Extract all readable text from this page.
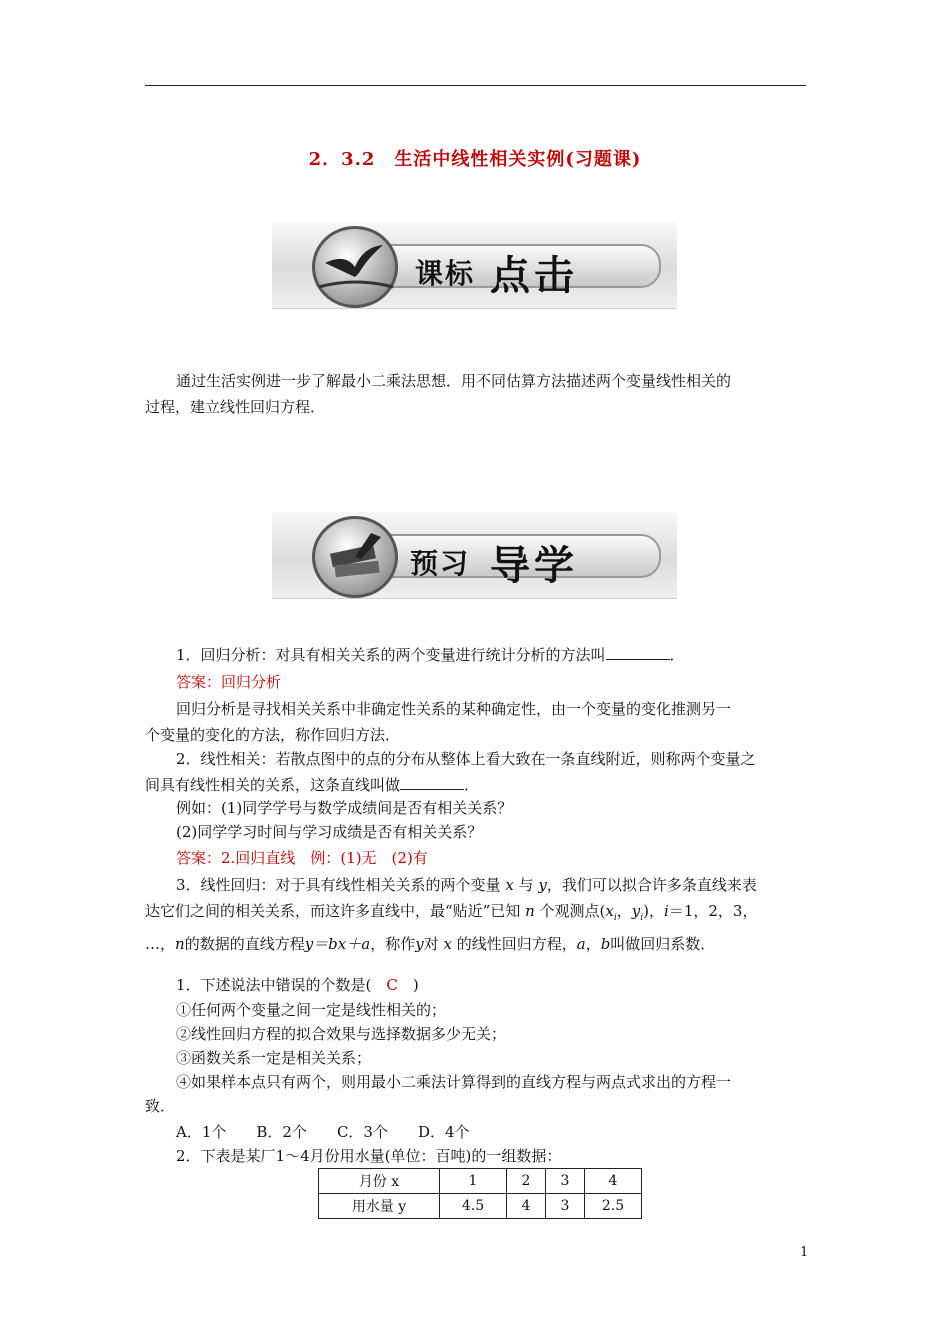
2．3.2　生活中线性相关实例(习题课)
课标 点击
通过生活实例进一步了解最小二乘法思想．用不同估算方法描述两个变量线性相关的
过程，建立线性回归方程．
预习 导学
1．回归分析：对具有相关关系的两个变量进行统计分析的方法叫	．
答案：回归分析
回归分析是寻找相关关系中非确定性关系的某种确定性，由一个变量的变化推测另一
个变量的变化的方法，称作回归方法．
2．线性相关：若散点图中的点的分布从整体上看大致在一条直线附近，则称两个变量之
间具有线性相关的关系，这条直线叫做	．
例如：(1)同学学号与数学成绩间是否有相关关系？
(2)同学学习时间与学习成绩是否有相关关系？
答案：2.回归直线　例：(1)无　(2)有
3．线性回归：对于具有线性相关关系的两个变量 x 与 y，我们可以拟合许多条直线来表
达它们之间的相关关系，而这许多直线中，最“贴近”已知 n 个观测点($x_i$，$y_i$)，i＝1，2，3，
…，n的数据的直线方程y＝bx＋a，称作y对 x 的线性回归方程，a，b叫做回归系数．
1．下述说法中错误的个数是(　C　)
①任何两个变量之间一定是线性相关的；
②线性回归方程的拟合效果与选择数据多少无关；
③函数关系一定是相关关系；
④如果样本点只有两个，则用最小二乘法计算得到的直线方程与两点式求出的方程一
致．
A．1个　　B．2个　　C．3个　　D．4个
2．下表是某厂1～4月份用水量(单位：百吨)的一组数据：
月份 x	1	2	3	4
用水量 y	4.5	4	3	2.5
1
